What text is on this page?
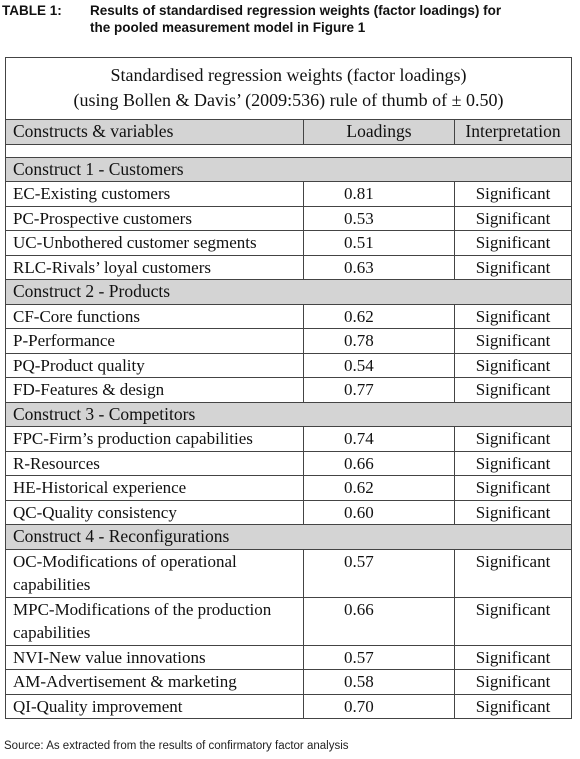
TABLE 1: Results of standardised regression weights (factor loadings) for
the pooled measurement model in Figure 1
Standardised regression weights (factor loadings)
(using Bollen & Davis’ (2009:536) rule of thumb of ± 0.50)		

Constructs & variables	Loadings	Interpretation

Construct 1 - Customers		
EC-Existing customers	0.81	Significant
PC-Prospective customers	0.53	Significant
UC-Unbothered customer segments	0.51	Significant
RLC-Rivals’ loyal customers	0.63	Significant
Construct 2 - Products		
CF-Core functions	0.62	Significant
P-Performance	0.78	Significant
PQ-Product quality	0.54	Significant
FD-Features & design	0.77	Significant
Construct 3 - Competitors		
FPC-Firm’s production capabilities	0.74	Significant
R-Resources	0.66	Significant
HE-Historical experience	0.62	Significant
QC-Quality consistency	0.60	Significant
Construct 4 - Reconfigurations		
OC-Modifications of operational capabilities	0.57	Significant
MPC-Modifications of the production capabilities	0.66	Significant
NVI-New value innovations	0.57	Significant
AM-Advertisement & marketing	0.58	Significant
QI-Quality improvement	0.70	Significant
Source: As extracted from the results of confirmatory factor analysis
